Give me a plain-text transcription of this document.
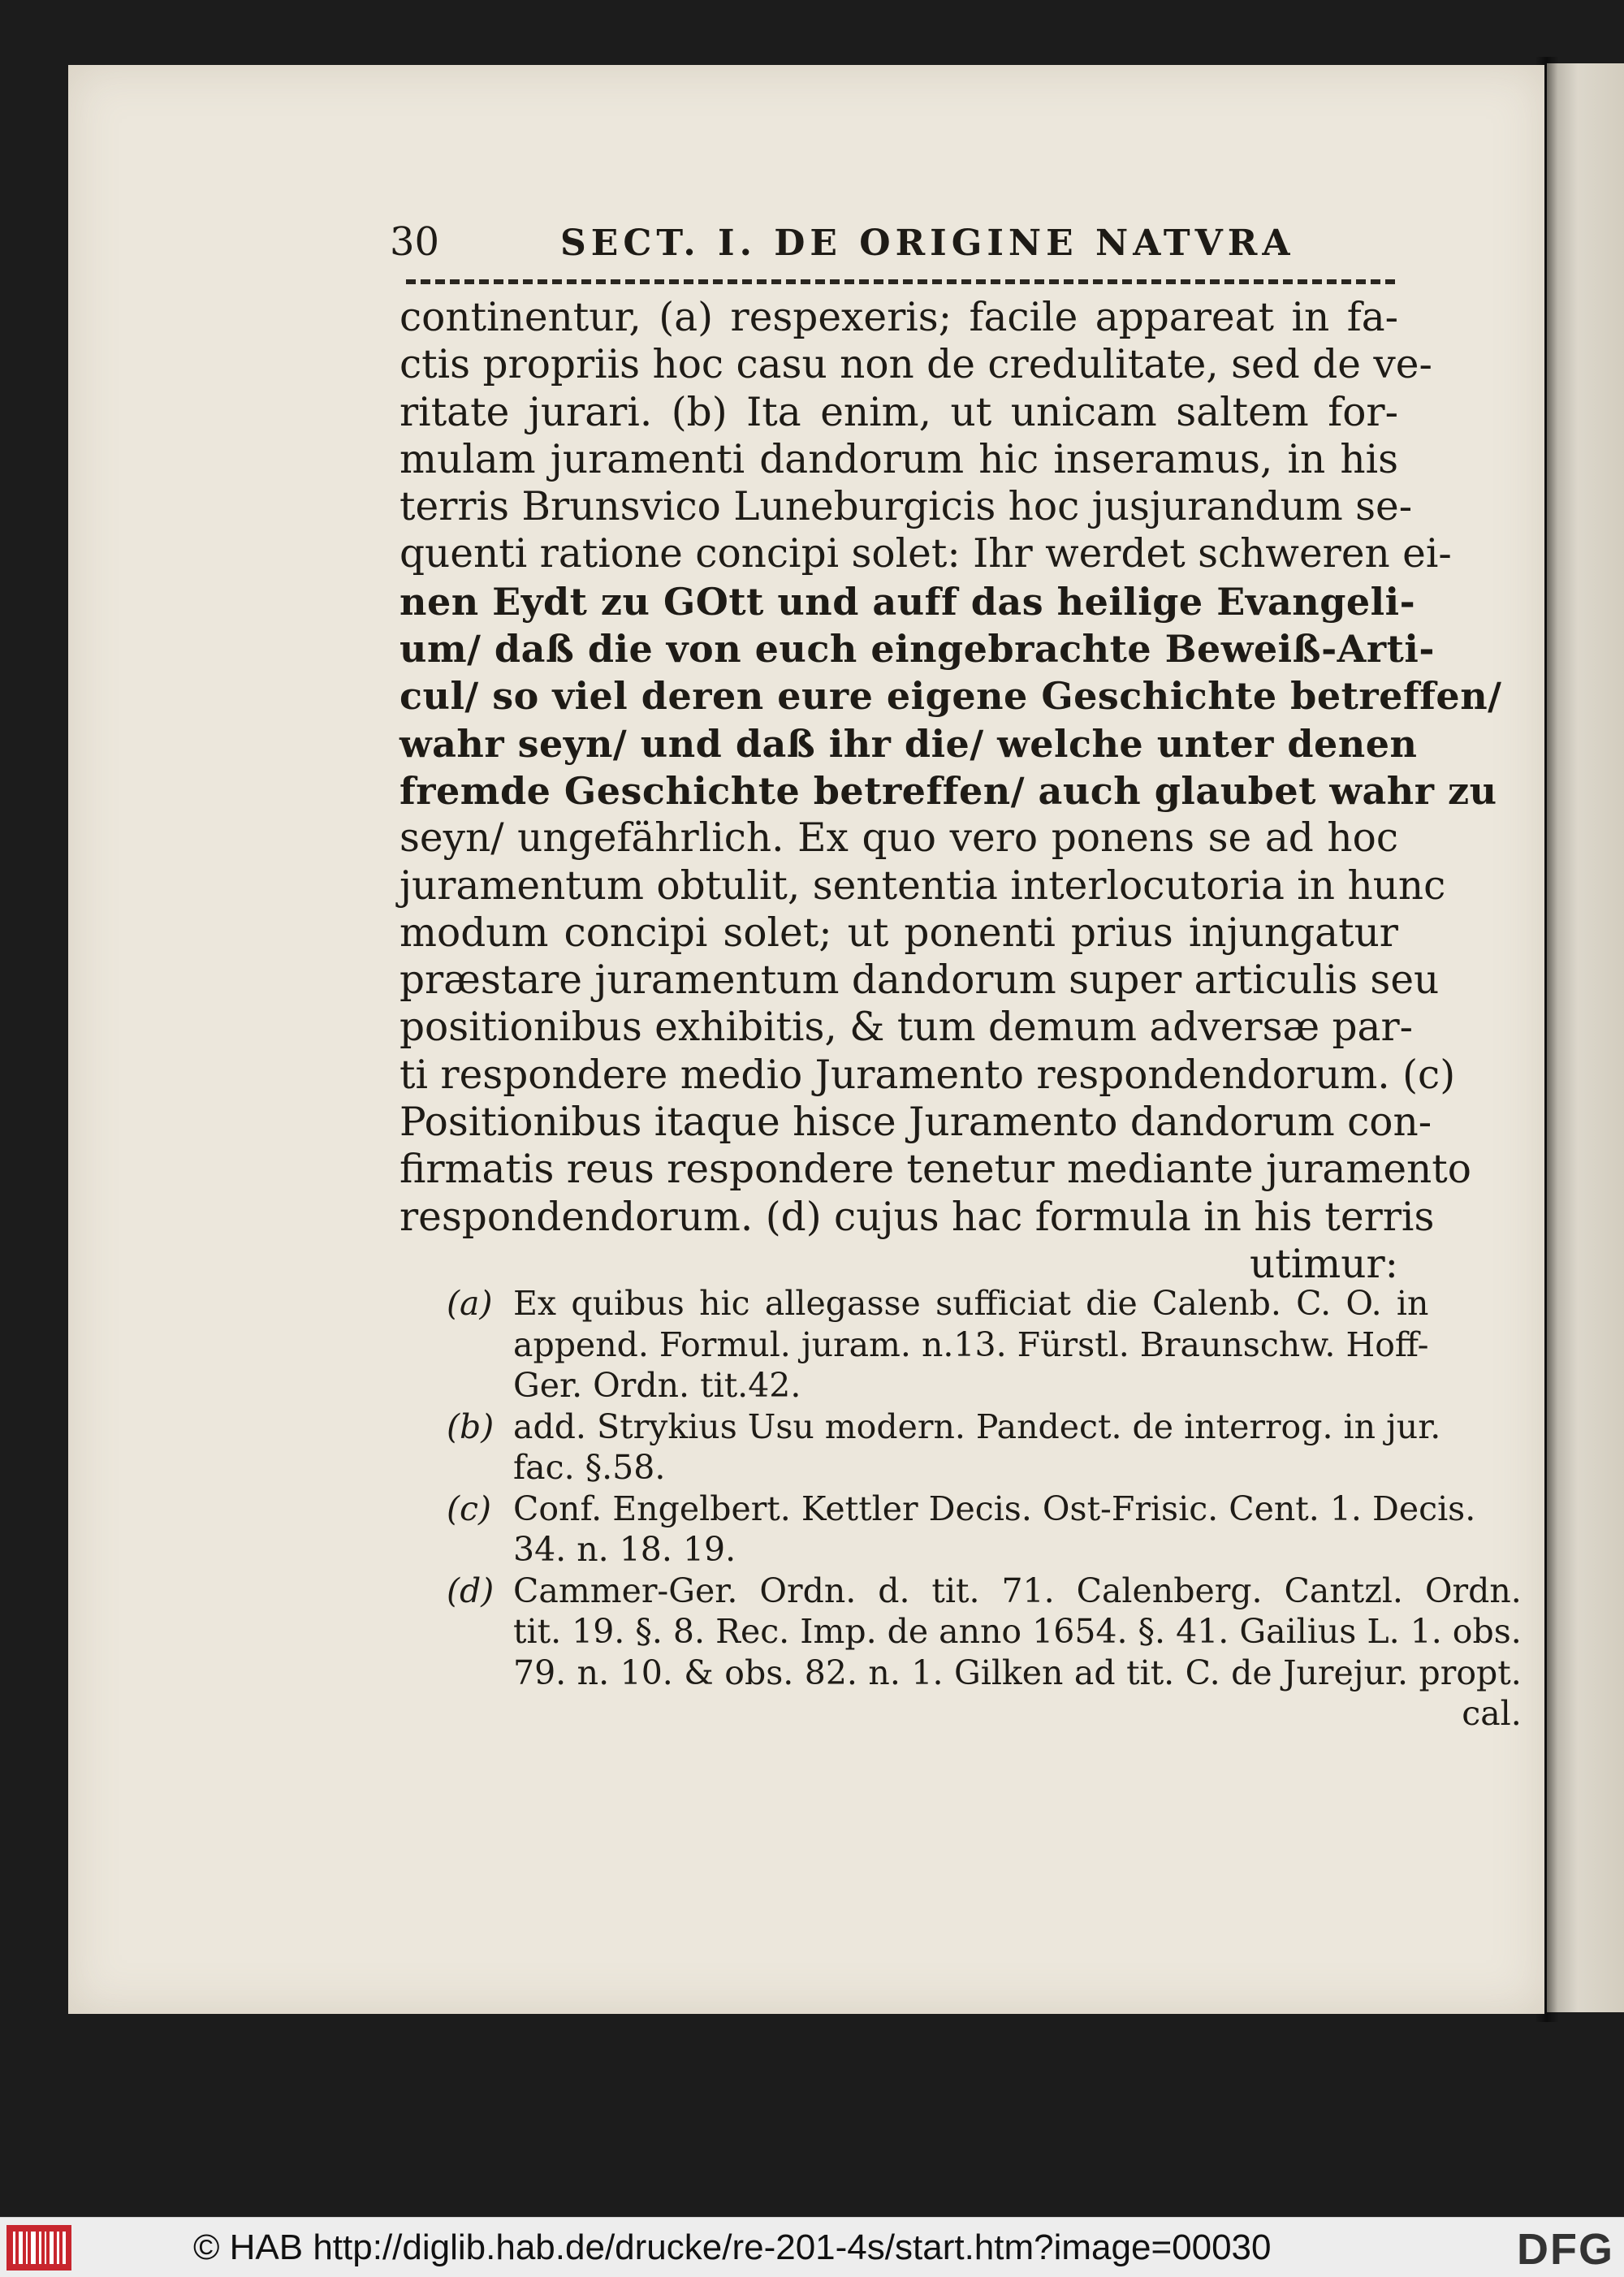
30	SECT. I. DE ORIGINE NATVRA
continentur, (a) respexeris; facile appareat in fa-
ctis propriis hoc casu non de credulitate, sed de ve-
ritate jurari. (b) Ita enim, ut unicam saltem for-
mulam juramenti dandorum hic inseramus, in his
terris Brunsvico Luneburgicis hoc jusjurandum se-
quenti ratione concipi solet: Ihr werdet schweren ei-
nen Eydt zu GOtt und auff das heilige Evangeli-
um/ daß die von euch eingebrachte Beweiß-Arti-
cul/ so viel deren eure eigene Geschichte betreffen/
wahr seyn/ und daß ihr die/ welche unter denen
fremde Geschichte betreffen/ auch glaubet wahr zu
seyn/ ungefährlich. Ex quo vero ponens se ad hoc
juramentum obtulit, sententia interlocutoria in hunc
modum concipi solet; ut ponenti prius injungatur
præstare juramentum dandorum super articulis seu
positionibus exhibitis, & tum demum adversæ par-
ti respondere medio Juramento respondendorum. (c)
Positionibus itaque hisce Juramento dandorum con-
firmatis reus respondere tenetur mediante juramento
respondendorum. (d) cujus hac formula in his terris
utimur:
(a) Ex quibus hic allegasse sufficiat die Calenb. C. O. in
append. Formul. juram. n.13. Fürstl. Braunschw. Hoff-
Ger. Ordn. tit.42.
(b) add. Strykius Usu modern. Pandect. de interrog. in jur.
fac. §.58.
(c) Conf. Engelbert. Kettler Decis. Ost-Frisic. Cent. 1. Decis.
34. n. 18. 19.
(d) Cammer-Ger. Ordn. d. tit. 71. Calenberg. Cantzl. Ordn.
tit. 19. §. 8. Rec. Imp. de anno 1654. §. 41. Gailius L. 1. obs.
79. n. 10. & obs. 82. n. 1. Gilken ad tit. C. de Jurejur. propt.
cal.
© HAB http://diglib.hab.de/drucke/re-201-4s/start.htm?image=00030	DFG
